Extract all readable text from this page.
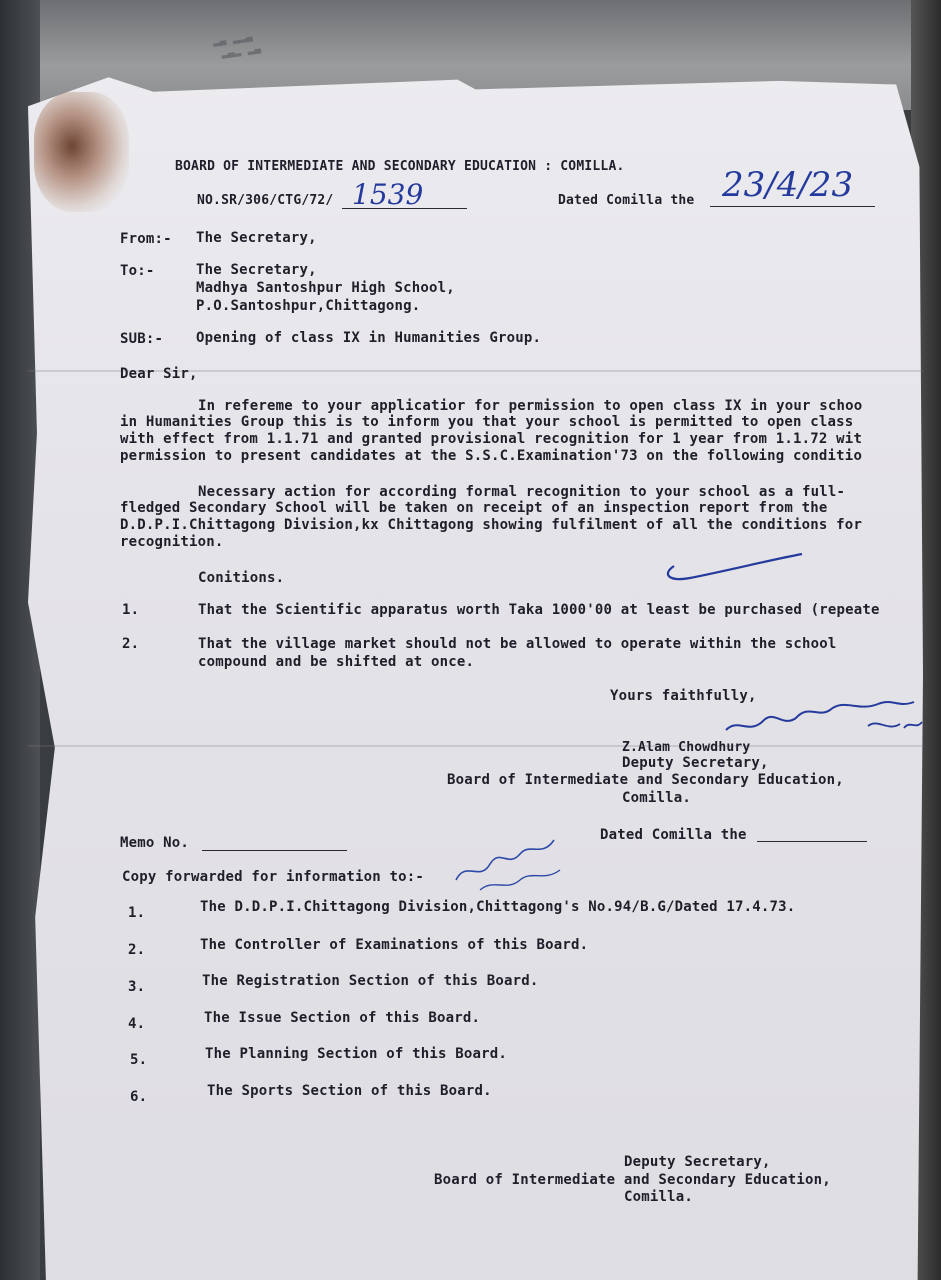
▂▃ ▂▂▃
▂▃▂ ▂▃
BOARD OF INTERMEDIATE AND SECONDARY EDUCATION : COMILLA.
NO.SR/306/CTG/72/ 1539	Dated Comilla the 23/4/23
From:- The Secretary,
To:-	The Secretary,
Madhya Santoshpur High School,
P.O.Santoshpur,Chittagong.
SUB:- Opening of class IX in Humanities Group.
Dear Sir,
In refereme to your applicatior for permission to open class IX in your schoo
in Humanities Group this is to inform you that your school is permitted to open class
with effect from 1.1.71 and granted provisional recognition for 1 year from 1.1.72 wit
permission to present candidates at the S.S.C.Examination'73 on the following conditio
Necessary action for according formal recognition to your school as a full-
fledged Secondary School will be taken on receipt of an inspection report from the
D.D.P.I.Chittagong Division,kx Chittagong showing fulfilment of all the conditions for
recognition.
Conitions.
1.	That the Scientific apparatus worth Taka 1000'00 at least be purchased (repeate
2.	That the village market should not be allowed to operate within the school
compound and be shifted at once.
Yours faithfully,
Z.Alam Chowdhury
Deputy Secretary,
Board of Intermediate and Secondary Education,
Comilla.
Memo No.	Dated Comilla the
Copy forwarded for information to:-
1.	The D.D.P.I.Chittagong Division,Chittagong's No.94/B.G/Dated 17.4.73.
2.	The Controller of Examinations of this Board.
3.	The Registration Section of this Board.
4.	The Issue Section of this Board.
5.	The Planning Section of this Board.
6.	The Sports Section of this Board.
Deputy Secretary,
Board of Intermediate and Secondary Education,
Comilla.
